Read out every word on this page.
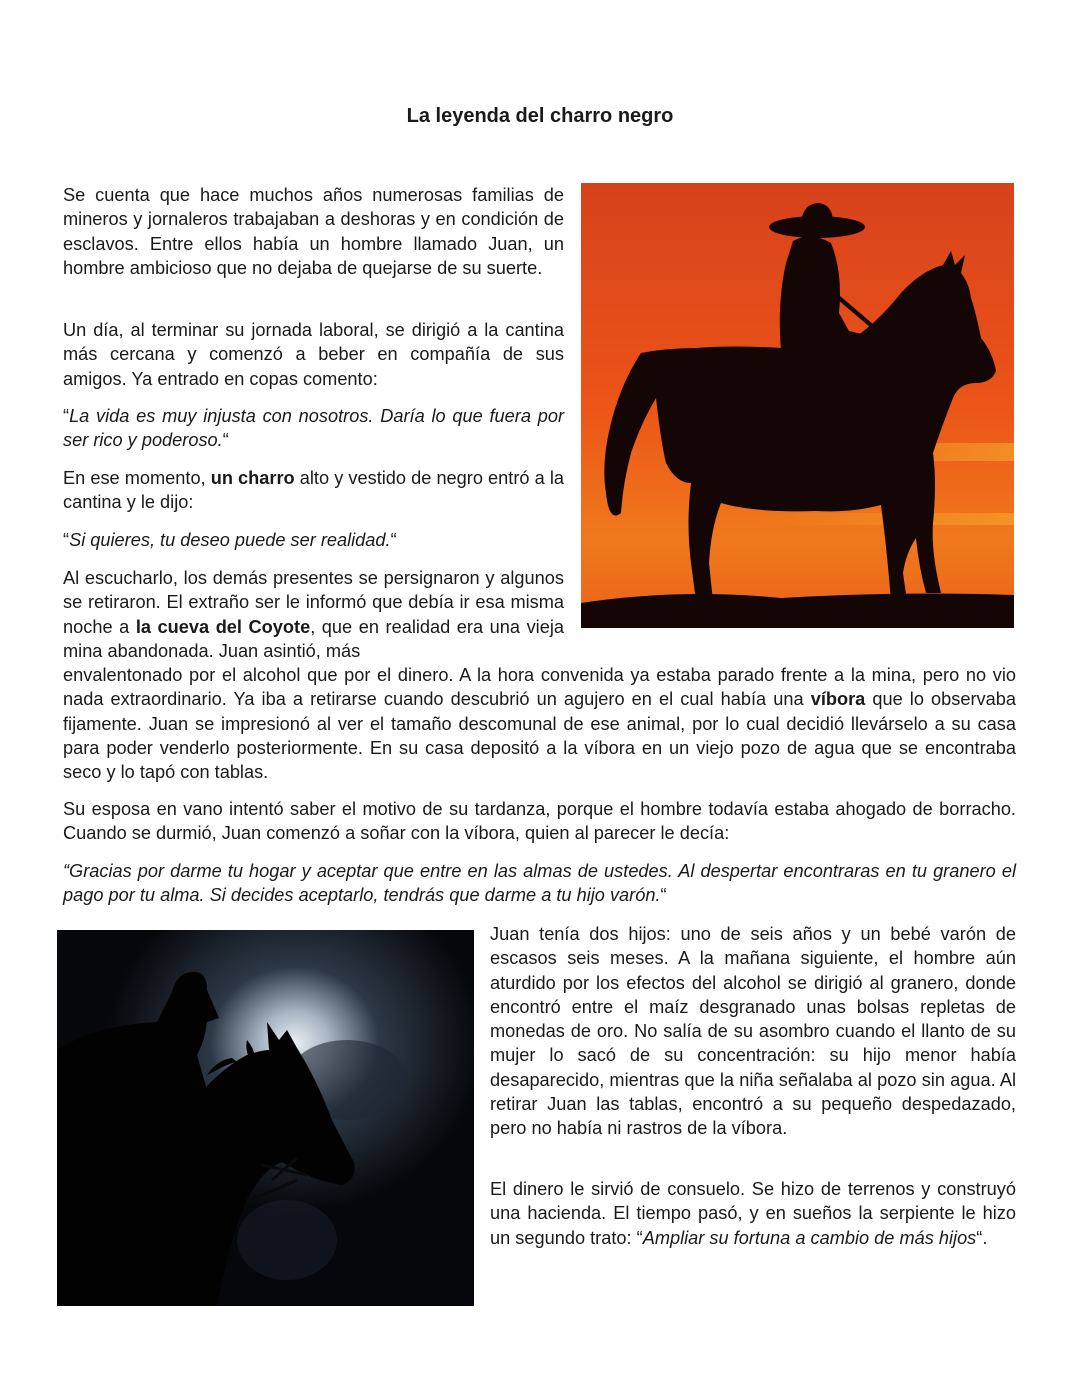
La leyenda del charro negro

Se cuenta que hace muchos años numerosas familias de mineros y jornaleros trabajaban a deshoras y en condición de esclavos. Entre ellos había un hombre llamado Juan, un hombre ambicioso que no dejaba de quejarse de su suerte.

Un día, al terminar su jornada laboral, se dirigió a la cantina más cercana y comenzó a beber en compañía de sus amigos. Ya entrado en copas comento:

“La vida es muy injusta con nosotros. Daría lo que fuera por ser rico y poderoso.“

En ese momento, un charro alto y vestido de negro entró a la cantina y le dijo:

“Si quieres, tu deseo puede ser realidad.“

Al escucharlo, los demás presentes se persignaron y algunos se retiraron. El extraño ser le informó que debía ir esa misma noche a la cueva del Coyote, que en realidad era una vieja mina abandonada. Juan asintió, más

envalentonado por el alcohol que por el dinero. A la hora convenida ya estaba parado frente a la mina, pero no vio nada extraordinario. Ya iba a retirarse cuando descubrió un agujero en el cual había una víbora que lo observaba fijamente. Juan se impresionó al ver el tamaño descomunal de ese animal, por lo cual decidió llevárselo a su casa para poder venderlo posteriormente. En su casa depositó a la víbora en un viejo pozo de agua que se encontraba seco y lo tapó con tablas.

Su esposa en vano intentó saber el motivo de su tardanza, porque el hombre todavía estaba ahogado de borracho. Cuando se durmió, Juan comenzó a soñar con la víbora, quien al parecer le decía:

“Gracias por darme tu hogar y aceptar que entre en las almas de ustedes. Al despertar encontraras en tu granero el pago por tu alma. Si decides aceptarlo, tendrás que darme a tu hijo varón.“

Juan tenía dos hijos: uno de seis años y un bebé varón de escasos seis meses. A la mañana siguiente, el hombre aún aturdido por los efectos del alcohol se dirigió al granero, donde encontró entre el maíz desgranado unas bolsas repletas de monedas de oro. No salía de su asombro cuando el llanto de su mujer lo sacó de su concentración: su hijo menor había desaparecido, mientras que la niña señalaba al pozo sin agua. Al retirar Juan las tablas, encontró a su pequeño despedazado, pero no había ni rastros de la víbora.

El dinero le sirvió de consuelo. Se hizo de terrenos y construyó una hacienda. El tiempo pasó, y en sueños la serpiente le hizo un segundo trato: “Ampliar su fortuna a cambio de más hijos“.
